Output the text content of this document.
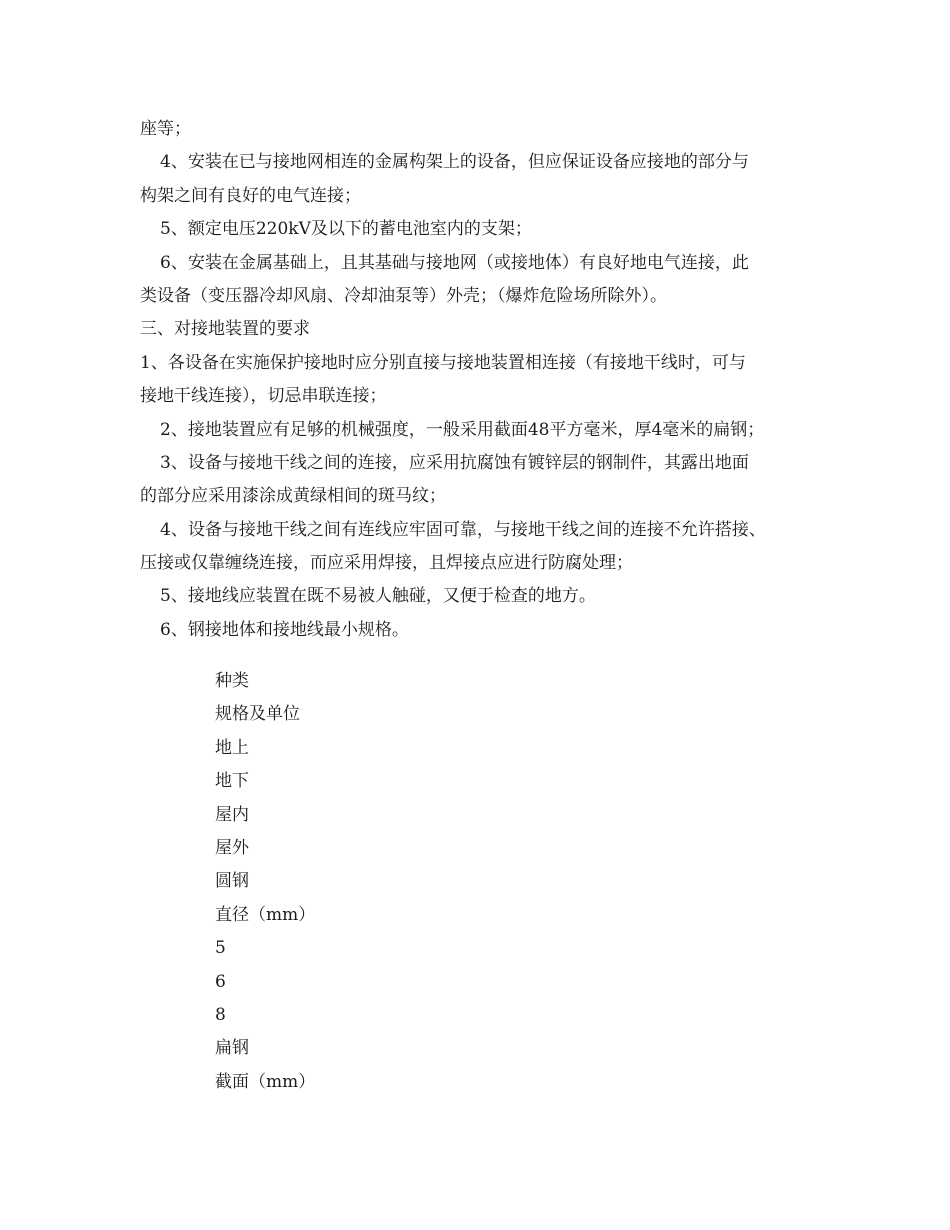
座等；
4、安装在已与接地网相连的金属构架上的设备，但应保证设备应接地的部分与
构架之间有良好的电气连接；
5、额定电压220kV及以下的蓄电池室内的支架；
6、安装在金属基础上，且其基础与接地网（或接地体）有良好地电气连接，此
类设备（变压器冷却风扇、冷却油泵等）外壳；（爆炸危险场所除外）。
三、对接地装置的要求
1、各设备在实施保护接地时应分别直接与接地装置相连接（有接地干线时，可与
接地干线连接），切忌串联连接；
2、接地装置应有足够的机械强度，一般采用截面48平方毫米，厚4毫米的扁钢；
3、设备与接地干线之间的连接，应采用抗腐蚀有镀锌层的钢制件，其露出地面
的部分应采用漆涂成黄绿相间的斑马纹；
4、设备与接地干线之间有连线应牢固可靠，与接地干线之间的连接不允许搭接、
压接或仅靠缠绕连接，而应采用焊接，且焊接点应进行防腐处理；
5、接地线应装置在既不易被人触碰，又便于检查的地方。
6、钢接地体和接地线最小规格。
种类
规格及单位
地上
地下
屋内
屋外
圆钢
直径（mm）
5
6
8
扁钢
截面（mm）
